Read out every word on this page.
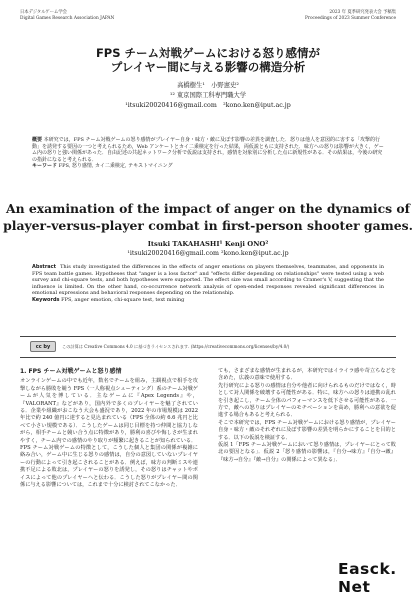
日本デジタルゲーム学会
Digital Games Research Association JAPAN
2023 年 夏季研究発表大会 予稿集
Proceedings of 2023 Summer Conference
FPS チーム対戦ゲームにおける怒り感情が
プレイヤー間に与える影響の構造分析
高橋樹生¹　小野憲史²
¹² 東京国際工科専門職大学
¹itsuki20020416@gmail.com　²kono.ken@iput.ac.jp
概要 本研究では，FPS チーム対戦ゲームの怒り感情がプレイヤー自身・味方・敵に及ぼす影響の差異を調査した．怒りは他人を意図的に害する「攻撃的行動」を誘発する要因の一つと考えられるため，Web アンケートとカイ二乗検定を行った結果，両仮説ともに支持された．味方への怒りは影響が大きく，ゲーム内の怒りと強い関係があった．自由記述の共起ネットワーク分析で仮説は支持され，感情を対象別に分析した点に新規性がある．その結果は，今後の研究の指針になると考えられる．
キーワード FPS, 怒り感情, カイ二乗検定, テキストマイニング
An examination of the impact of anger on the dynamics of
player-versus-player combat in first-person shooter games.
Itsuki TAKAHASHI¹ Kenji ONO²
¹itsuki20020416@gmail.com ²kono.ken@iput.ac.jp
Abstract This study investigated the differences in the effects of anger emotions on players themselves, teammates, and opponents in FPS team battle games. Hypotheses that "anger is a loss factor" and "effects differ depending on relationships" were tested using a web survey and chi-square tests, and both hypotheses were supported. The effect size was small according to Cramer's V, suggesting that the influence is limited. On the other hand, co-occurrence network analysis of open-ended responses revealed significant differences in emotional expressions and behavioral responses depending on the relationship.
Keywords FPS, anger emotion, chi-square test, text mining
cc by	この計算は Creative Commons 4.0 に基づきライセンスされます. (https://creativecommons.org/licenses/by/4.0/)
1. FPS チーム対戦ゲームと怒り感情

オンラインゲームの中でも近年，数名でチームを組み，主観視点で相手を攻撃しながら勝敗を競う FPS（一人称視点シューティング）系のチーム対戦ゲームが人気を博している．主なゲームに『Apex Legends』や，『VALORANT』などがあり，国内外で多くのプレイヤーを魅了されている．企業や組織がおこなう大会も盛況であり，2022 年の市場規模は 2022 年比で約 240 億円に達すると見込まれている（FPS 全体の約 6.6 兆円と比べて小さい規模である）．こうしたゲームは同じ目標を持つ仲間と協力しながら，相手チームと競い合う点に特徴があり，勝利の喜びや悔しさが生まれやすく，チーム内での感情のやり取りが頻繁に起きることが知られている．

FPS チーム対戦ゲームの特徴として，こうした個人と集団の関係が複雑に絡み合い，ゲーム中に生じる怒りの感情は，自分の意図していないプレイヤーの行動によって引き起こされることがある．例えば，味方の判断ミスや連携不足による敗北は，プレイヤーの怒りを誘発し，その怒りはチャットやボイスによって他のプレイヤーへと伝わる．こうした怒りがプレイヤー間の関係に与える影響については，これまで十分に検討されてこなかった．

ても，さまざまな感情が生まれるが，本研究ではイライラ感や苛立ちなどを含めた，広義の意味で使用する．

先行研究による怒りの感情は自分や他者に向けられるものだけではなく，時として対人関係を破壊する可能性がある．特に，味方への怒りは連携の乱れを引き起こし，チーム全体のパフォーマンスを低下させる可能性がある．一方で，敵への怒りはプレイヤーのモチベーションを高め，勝利への意欲を促進する場合もあると考えられる．

そこで本研究では，FPS チーム対戦ゲームにおける怒り感情が，プレイヤー自身・味方・敵のそれぞれに及ぼす影響の差異を明らかにすることを目的とする．以下の仮説を検証する．

仮説 1「FPS チーム対戦ゲームにおいて怒り感情は，プレイヤーにとって敗北の要因となる」．仮説 2「怒り感情の影響は，『自分→味方』『自分→敵』『味方→自分』『敵→自分』の関係によって異なる」．

Easck. Net
